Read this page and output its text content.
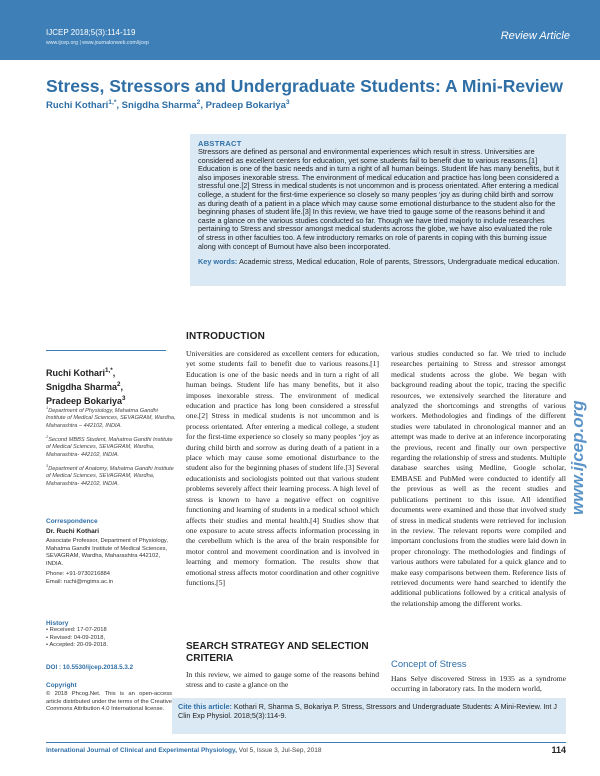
IJCEP 2018;5(3):114-119
www.ijcep.org | www.journalonweb.com/ijcep
Review Article
Stress, Stressors and Undergraduate Students: A Mini-Review
Ruchi Kothari$^{1,*}$, Snigdha Sharma$^2$, Pradeep Bokariya$^3$
ABSTRACT
Stressors are defined as personal and environmental experiences which result in stress. Universities are considered as excellent centers for education, yet some students fail to benefit due to various reasons.[1] Education is one of the basic needs and in turn a right of all human beings. Student life has many benefits, but it also imposes inexorable stress. The environment of medical education and practice has long been considered a stressful one.[2] Stress in medical students is not uncommon and is process orientated. After entering a medical college, a student for the first-time experience so closely so many peoples ‘joy as during child birth and sorrow as during death of a patient in a place which may cause some emotional disturbance to the student also for the beginning phases of student life.[3] In this review, we have tried to gauge some of the reasons behind it and caste a glance on the various studies conducted so far. Though we have tried majorly to include researches pertaining to Stress and stressor amongst medical students across the globe, we have also evaluated the role of stress in other faculties too. A few introductory remarks on role of parents in coping with this burning issue along with concept of Burnout have also been incorporated.
Key words: Academic stress, Medical education, Role of parents, Stressors, Undergraduate medical education.
Ruchi Kothari$^{1,*}$,
Snigdha Sharma$^2$,
Pradeep Bokariya$^3$
$^1$Department of Physiology, Mahatma Gandhi Institute of Medical Sciences, SEVAGRAM, Wardha, Maharashtra – 442102, INDIA.
$^2$Second MBBS Student, Mahatma Gandhi Institute of Medical Sciences, SEVAGRAM, Wardha, Maharashtra- 442102, INDIA.
$^3$Department of Anatomy, Mahatma Gandhi Institute of Medical Sciences, SEVAGRAM, Wardha, Maharashtra- 442102, INDIA.
Correspondence
Dr. Ruchi Kothari
Associate Professor, Department of Physiology, Mahatma Gandhi Institute of Medical Sciences, SEVAGRAM, Wardha, Maharashtra 442102, INDIA.
Phone: +91-9730216884
Email: ruchi@mgims.ac.in
History
• Received: 17-07-2018
• Revised: 04-09-2018,
• Accepted: 20-09-2018.
DOI : 10.5530/ijcep.2018.5.3.2
Copyright
© 2018 Phcog.Net. This is an open-access article distributed under the terms of the Creative Commons Attribution 4.0 International license.
INTRODUCTION
Universities are considered as excellent centers for education, yet some students fail to benefit due to various reasons.[1] Education is one of the basic needs and in turn a right of all human beings. Student life has many benefits, but it also imposes inexorable stress. The environment of medical education and practice has long been considered a stressful one.[2] Stress in medical students is not uncommon and is process orientated. After entering a medical college, a student for the first-time experience so closely so many peoples ‘joy as during child birth and sorrow as during death of a patient in a place which may cause some emotional disturbance to the student also for the beginning phases of student life.[3] Several educationists and sociologists pointed out that various student problems severely affect their learning process. A high level of stress is known to have a negative effect on cognitive functioning and learning of students in a medical school which affects their studies and mental health.[4] Studies show that one exposure to acute stress affects information processing in the cerebellum which is the area of the brain responsible for motor control and movement coordination and is involved in learning and memory formation. The results show that emotional stress affects motor coordination and other cognitive functions.[5]
SEARCH STRATEGY AND SELECTION CRITERIA
In this review, we aimed to gauge some of the reasons behind stress and to caste a glance on the
various studies conducted so far. We tried to include researches pertaining to Stress and stressor amongst medical students across the globe. We began with background reading about the topic, tracing the specific resources, we extensively searched the literature and analyzed the shortcomings and strengths of various workers. Methodologies and findings of the different studies were tabulated in chronological manner and an attempt was made to derive at an inference incorporating the previous, recent and finally our own perspective regarding the relationship of stress and students. Multiple database searches using Medline, Google scholar, EMBASE and PubMed were conducted to identify all the previous as well as the recent studies and publications pertinent to this issue. All identified documents were examined and those that involved study of stress in medical students were retrieved for inclusion in the review. The relevant reports were compiled and important conclusions from the studies were laid down in proper chronology. The methodologies and findings of various authors were tabulated for a quick glance and to make easy comparisons between them. Reference lists of retrieved documents were hand searched to identify the additional publications followed by a critical analysis of the relationship among the different works.
Concept of Stress
Hans Selye discovered Stress in 1935 as a syndrome occurring in laboratory rats. In the modern world,
Cite this article: Kothari R, Sharma S, Bokariya P. Stress, Stressors and Undergraduate Students: A Mini-Review. Int J Clin Exp Physiol. 2018;5(3):114-9.
www.ijcep.org
International Journal of Clinical and Experimental Physiology, Vol 5, Issue 3, Jul-Sep, 2018	114
